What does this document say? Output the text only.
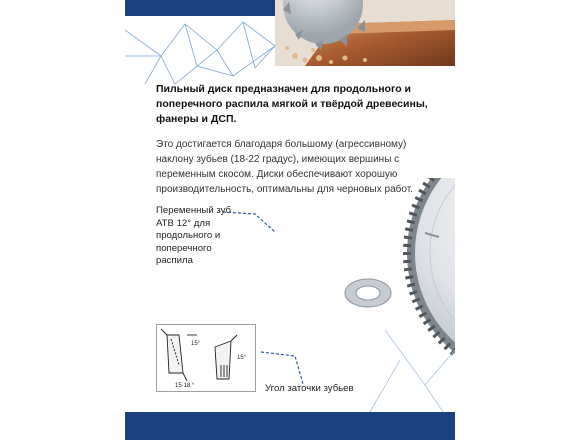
Пильный диск предназначен для продольного и поперечного распила мягкой и твёрдой древесины, фанеры и ДСП.

Это достигается благодаря большому (агрессивному) наклону зубьев (18-22 градус), имеющих вершины с переменным скосом. Диски обеспечивают хорошую производительность, оптимальны для черновых работ.

VERTEXTOOLS
ПИЛЬНЫЙ ДИСК ПО ДЕРЕВУ

Переменный зуб АТВ 12° для продольного и поперечного распила

15°
15-18 °
15°

Угол заточки зубьев
